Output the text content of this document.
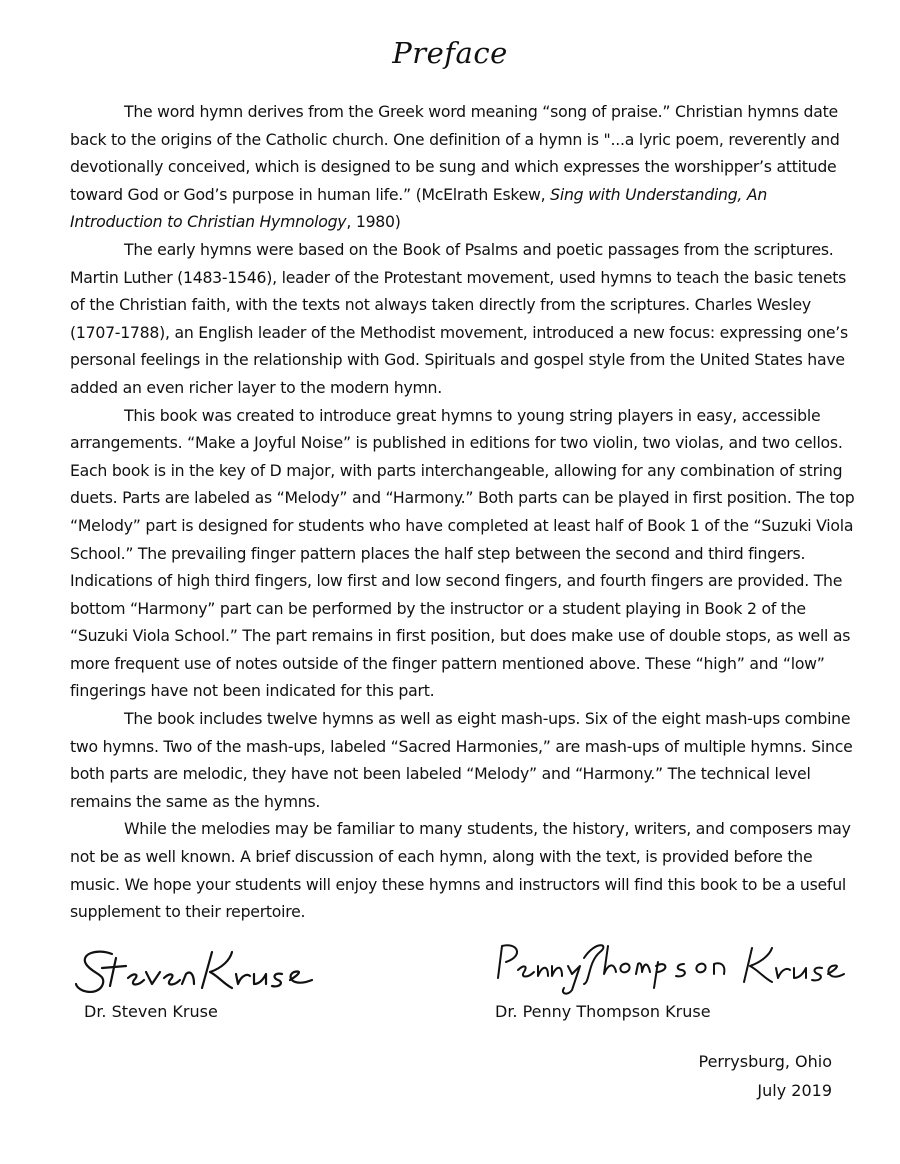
Preface

The word hymn derives from the Greek word meaning “song of praise.” Christian hymns date back to the origins of the Catholic church. One definition of a hymn is "...a lyric poem, reverently and devotionally conceived, which is designed to be sung and which expresses the worshipper’s attitude toward God or God’s purpose in human life.” (McElrath Eskew, Sing with Understanding, An Introduction to Christian Hymnology, 1980)

The early hymns were based on the Book of Psalms and poetic passages from the scriptures. Martin Luther (1483-1546), leader of the Protestant movement, used hymns to teach the basic tenets of the Christian faith, with the texts not always taken directly from the scriptures. Charles Wesley (1707-1788), an English leader of the Methodist movement, introduced a new focus: expressing one’s personal feelings in the relationship with God. Spirituals and gospel style from the United States have added an even richer layer to the modern hymn.

This book was created to introduce great hymns to young string players in easy, accessible arrangements. “Make a Joyful Noise” is published in editions for two violin, two violas, and two cellos. Each book is in the key of D major, with parts interchangeable, allowing for any combination of string duets. Parts are labeled as “Melody” and “Harmony.” Both parts can be played in first position. The top “Melody” part is designed for students who have completed at least half of Book 1 of the “Suzuki Viola School.” The prevailing finger pattern places the half step between the second and third fingers. Indications of high third fingers, low first and low second fingers, and fourth fingers are provided. The bottom “Harmony” part can be performed by the instructor or a student playing in Book 2 of the “Suzuki Viola School.” The part remains in first position, but does make use of double stops, as well as more frequent use of notes outside of the finger pattern mentioned above. These “high” and “low” fingerings have not been indicated for this part.

The book includes twelve hymns as well as eight mash-ups. Six of the eight mash-ups combine two hymns. Two of the mash-ups, labeled “Sacred Harmonies,” are mash-ups of multiple hymns. Since both parts are melodic, they have not been labeled “Melody” and “Harmony.” The technical level remains the same as the hymns.

While the melodies may be familiar to many students, the history, writers, and composers may not be as well known. A brief discussion of each hymn, along with the text, is provided before the music. We hope your students will enjoy these hymns and instructors will find this book to be a useful supplement to their repertoire.

Dr. Steven Kruse	Dr. Penny Thompson Kruse
Perrysburg, Ohio
July 2019
